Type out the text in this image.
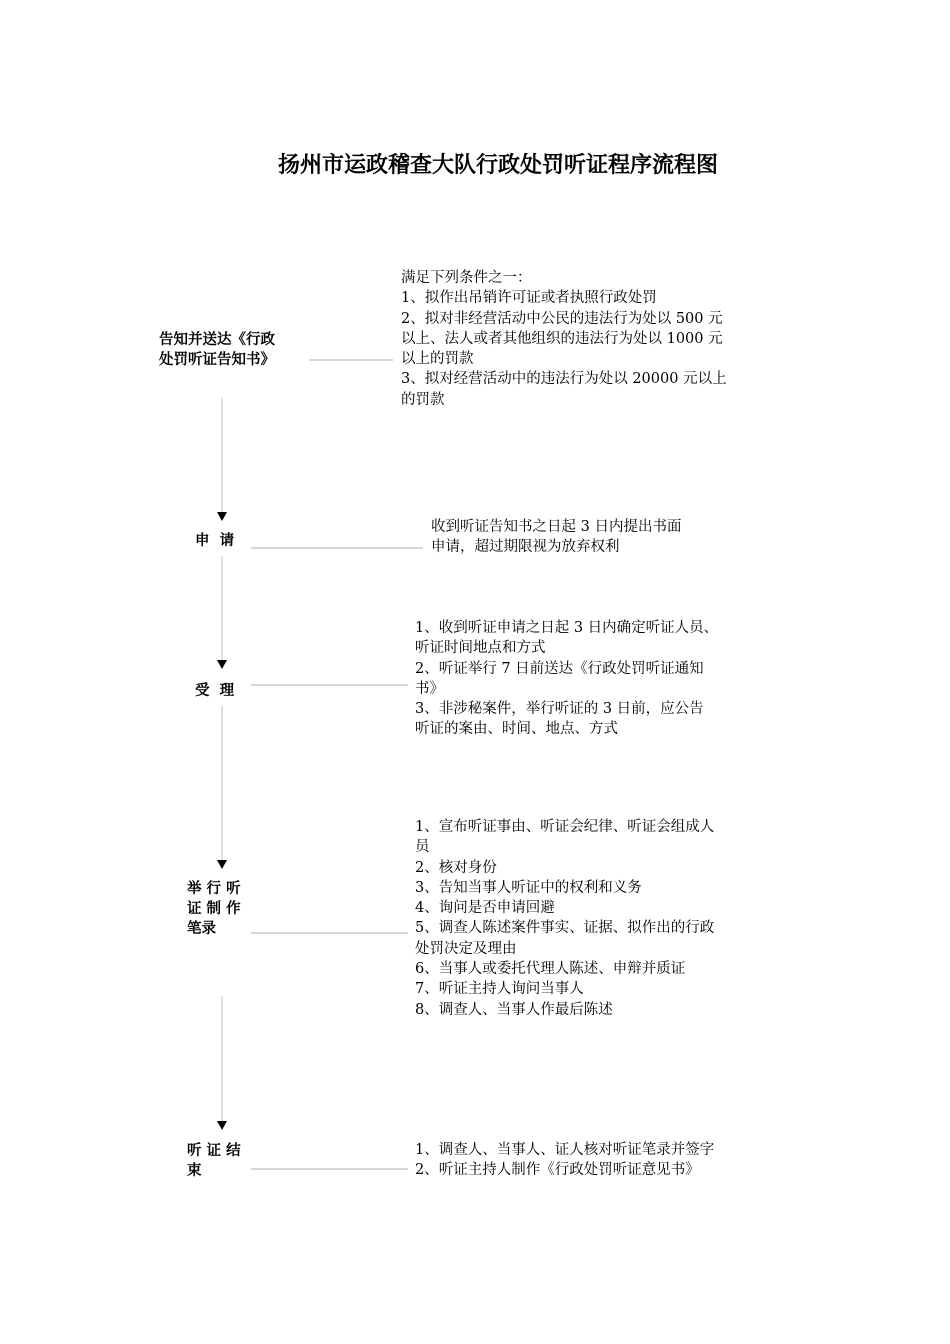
扬州市运政稽查大队行政处罚听证程序流程图
告知并送达《行政
处罚听证告知书》
满足下列条件之一：
1、拟作出吊销许可证或者执照行政处罚
2、拟对非经营活动中公民的违法行为处以 500 元
以上、法人或者其他组织的违法行为处以 1000 元
以上的罚款
3、拟对经营活动中的违法行为处以 20000 元以上
的罚款
申  请
收到听证告知书之日起 3 日内提出书面
申请，超过期限视为放弃权利
受  理
1、收到听证申请之日起 3 日内确定听证人员、
听证时间地点和方式
2、听证举行 7 日前送达《行政处罚听证通知
书》
3、非涉秘案件，举行听证的 3 日前，应公告
听证的案由、时间、地点、方式
举 行 听
证 制 作
笔录
1、宣布听证事由、听证会纪律、听证会组成人
员
2、核对身份
3、告知当事人听证中的权利和义务
4、询问是否申请回避
5、调查人陈述案件事实、证据、拟作出的行政
处罚决定及理由
6、当事人或委托代理人陈述、申辩并质证
7、听证主持人询问当事人
8、调查人、当事人作最后陈述
听 证 结
束
1、调查人、当事人、证人核对听证笔录并签字
2、听证主持人制作《行政处罚听证意见书》
